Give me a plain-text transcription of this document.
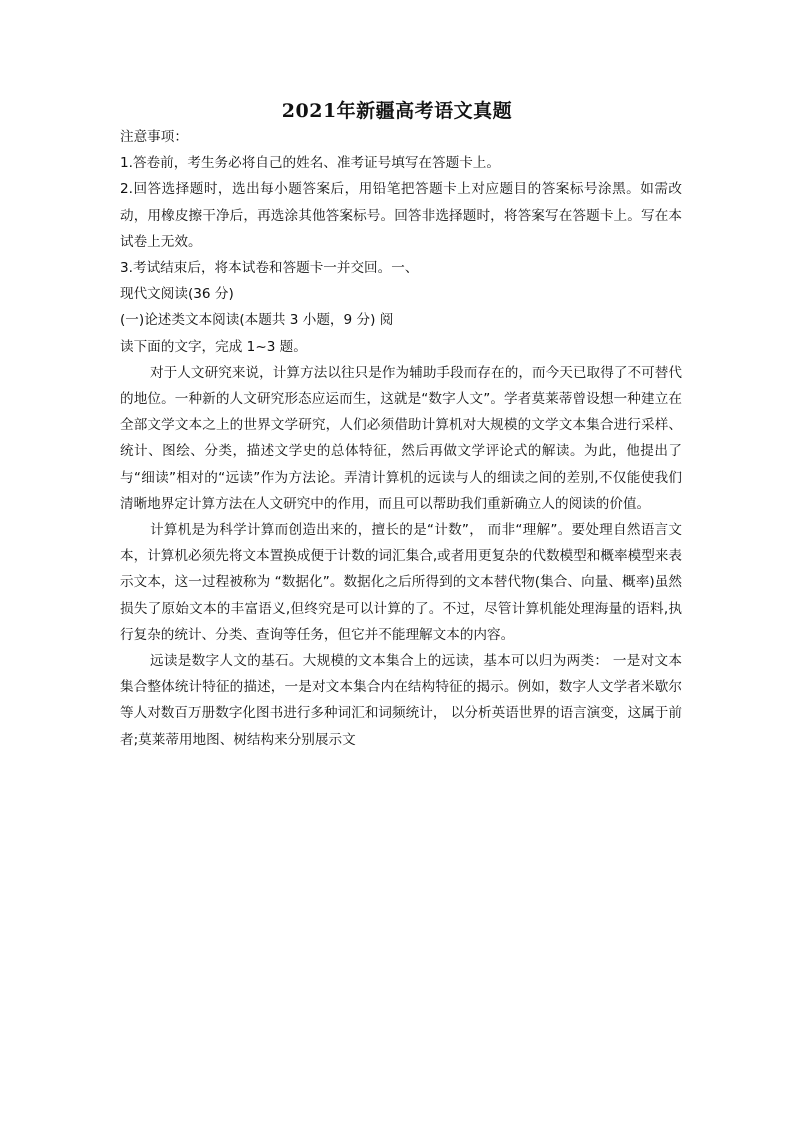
2021年新疆高考语文真题
注意事项：
1.答卷前，考生务必将自己的姓名、准考证号填写在答题卡上。
2.回答选择题时，选出每小题答案后，用铅笔把答题卡上对应题目的答案标号涂黑。如需改动，用橡皮擦干净后，再选涂其他答案标号。回答非选择题时，将答案写在答题卡上。写在本试卷上无效。
3.考试结束后，将本试卷和答题卡一并交回。一、
现代文阅读(36 分)
(一)论述类文本阅读(本题共 3 小题，9 分) 阅
读下面的文字，完成 1~3 题。
对于人文研究来说，计算方法以往只是作为辅助手段而存在的，而今天已取得了不可替代的地位。一种新的人文研究形态应运而生，这就是“数字人文”。学者莫莱蒂曾设想一种建立在全部文学文本之上的世界文学研究，人们必须借助计算机对大规模的文学文本集合进行采样、统计、图绘、分类，描述文学史的总体特征，然后再做文学评论式的解读。为此，他提出了与“细读”相对的“远读”作为方法论。弄清计算机的远读与人的细读之间的差别,不仅能使我们清晰地界定计算方法在人文研究中的作用，而且可以帮助我们重新确立人的阅读的价值。
计算机是为科学计算而创造出来的，擅长的是“计数”， 而非“理解”。要处理自然语言文本，计算机必须先将文本置换成便于计数的词汇集合,或者用更复杂的代数模型和概率模型来表示文本，这一过程被称为 “数据化”。数据化之后所得到的文本替代物(集合、向量、概率)虽然损失了原始文本的丰富语义,但终究是可以计算的了。不过，尽管计算机能处理海量的语料,执行复杂的统计、分类、查询等任务，但它并不能理解文本的内容。
远读是数字人文的基石。大规模的文本集合上的远读，基本可以归为两类： 一是对文本集合整体统计特征的描述，一是对文本集合内在结构特征的揭示。例如，数字人文学者米歇尔等人对数百万册数字化图书进行多种词汇和词频统计， 以分析英语世界的语言演变，这属于前者;莫莱蒂用地图、树结构来分别展示文
